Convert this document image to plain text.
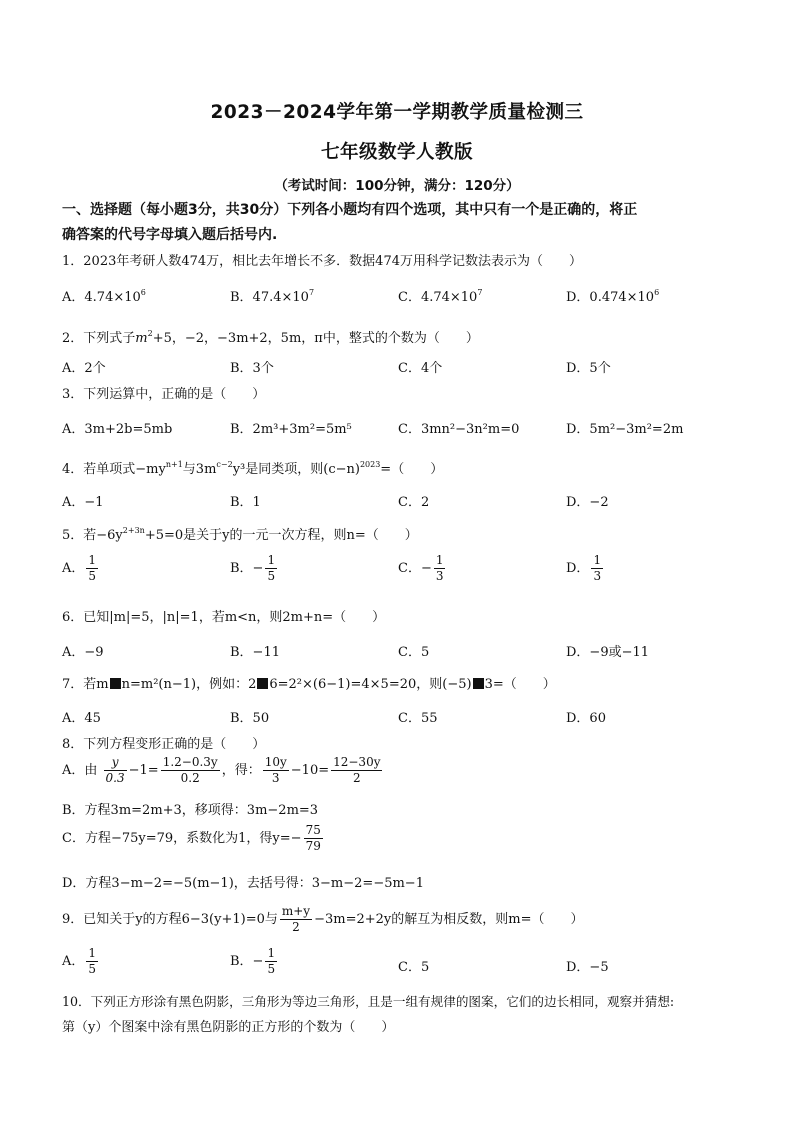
2023－2024学年第一学期教学质量检测三
七年级数学人教版
（考试时间：100分钟，满分：120分）
一、选择题（每小题3分，共30分）下列各小题均有四个选项，其中只有一个是正确的，将正
确答案的代号字母填入题后括号内.
1．2023年考研人数474万，相比去年增长不多．数据474万用科学记数法表示为（　　）
A．$4.74\times 10^6$	B．$47.4\times 10^7$	C．$4.74\times 10^7$	D．$0.474\times 10^6$
2．下列式子$m^2+5$，−2，−3m+2，5m，π中，整式的个数为（　　）
A．2个	B．3个	C．4个	D．5个
3．下列运算中，正确的是（　　）
A．3m+2b=5mb	B．2m³+3m²=5m⁵	C．3mn²−3n²m=0	D．5m²−3m²=2m
4．若单项式$-my^{n+1}$与$3m^{c-2}y^3$是同类项，则$(c-n)^{2023}=$（　　）
A．−1	B．1	C．2	D．−2
5．若$-6y^{2+3n}+5=0$是关于y的一元一次方程，则n=（　　）
A． $\frac{1}{5}$	B．− $\frac{1}{5}$	C．− $\frac{1}{3}$	D． $\frac{1}{3}$
6．已知|m|=5，|n|=1，若m<n，则2m+n=（　　）
A．−9	B．−11	C．5	D．−9或−11
7．若m n=m²(n−1)，例如：2 6=2²×(6−1)=4×5=20，则(−5) 3=（　　）
A．45	B．50	C．55	D．60
8．下列方程变形正确的是（　　）
A．由 $\frac{y}{0.3} -1= \frac{1.2-0.3y}{0.2}$ ，得： $\frac{10y}{3} -10= \frac{12-30y}{2}$
B．方程3m=2m+3，移项得：3m−2m=3
C．方程−75y=79，系数化为1，得$y=- \frac{75}{79}$
D．方程3−m−2=−5(m−1)，去括号得：3−m−2=−5m−1
9．已知关于y的方程6−3(y+1)=0与 $\frac{m+y}{2} -3m=2+2y$的解互为相反数，则m=（　　）
A． $\frac{1}{5}$	B．− $\frac{1}{5}$	C．5	D．−5
10．下列正方形涂有黑色阴影，三角形为等边三角形，且是一组有规律的图案，它们的边长相同，观察并猜想:
第（y）个图案中涂有黑色阴影的正方形的个数为（　　）
